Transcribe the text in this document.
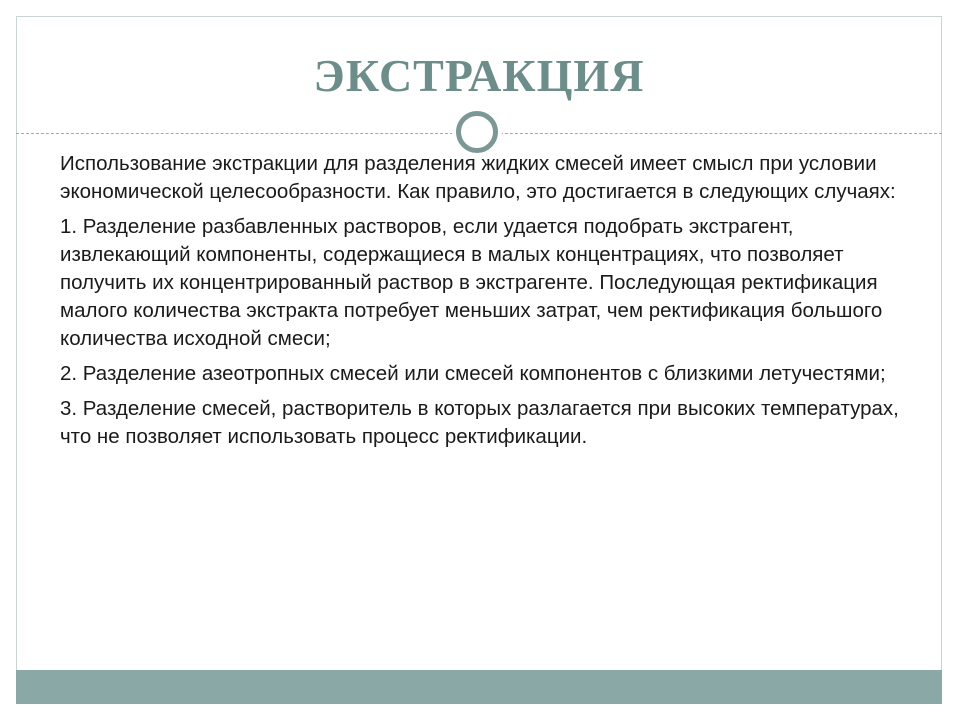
ЭКСТРАКЦИЯ

Использование экстракции для разделения жидких смесей имеет смысл при условии экономической целесообразности. Как правило, это достигается в следующих случаях:

1. Разделение разбавленных растворов, если удается подобрать экстрагент, извлекающий компоненты, содержащиеся в малых концентрациях, что позволяет получить их концентрированный раствор в экстрагенте. Последующая ректификация малого количества экстракта потребует меньших затрат, чем ректификация большого количества исходной смеси;

2. Разделение азеотропных смесей или смесей компонентов с близкими летучестями;

3. Разделение смесей, растворитель в которых разлагается при высоких температурах, что не позволяет использовать процесс ректификации.
